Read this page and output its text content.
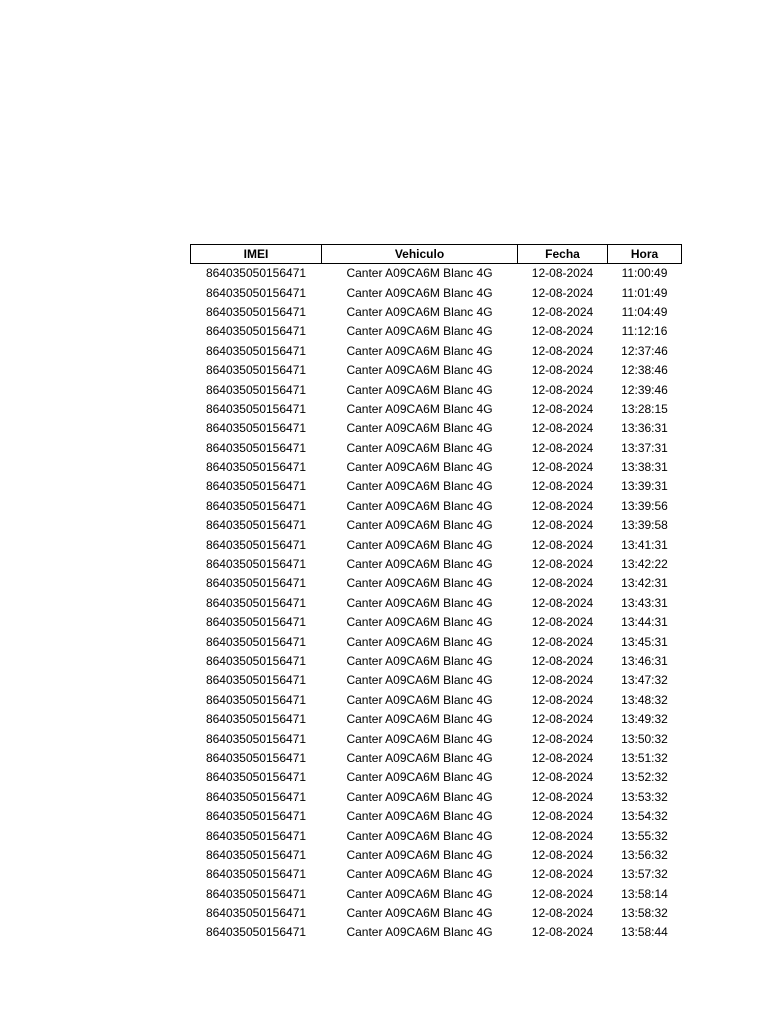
IMEI	Vehiculo	Fecha	Hora
864035050156471	Canter A09CA6M Blanc 4G	12-08-2024	11:00:49
864035050156471	Canter A09CA6M Blanc 4G	12-08-2024	11:01:49
864035050156471	Canter A09CA6M Blanc 4G	12-08-2024	11:04:49
864035050156471	Canter A09CA6M Blanc 4G	12-08-2024	11:12:16
864035050156471	Canter A09CA6M Blanc 4G	12-08-2024	12:37:46
864035050156471	Canter A09CA6M Blanc 4G	12-08-2024	12:38:46
864035050156471	Canter A09CA6M Blanc 4G	12-08-2024	12:39:46
864035050156471	Canter A09CA6M Blanc 4G	12-08-2024	13:28:15
864035050156471	Canter A09CA6M Blanc 4G	12-08-2024	13:36:31
864035050156471	Canter A09CA6M Blanc 4G	12-08-2024	13:37:31
864035050156471	Canter A09CA6M Blanc 4G	12-08-2024	13:38:31
864035050156471	Canter A09CA6M Blanc 4G	12-08-2024	13:39:31
864035050156471	Canter A09CA6M Blanc 4G	12-08-2024	13:39:56
864035050156471	Canter A09CA6M Blanc 4G	12-08-2024	13:39:58
864035050156471	Canter A09CA6M Blanc 4G	12-08-2024	13:41:31
864035050156471	Canter A09CA6M Blanc 4G	12-08-2024	13:42:22
864035050156471	Canter A09CA6M Blanc 4G	12-08-2024	13:42:31
864035050156471	Canter A09CA6M Blanc 4G	12-08-2024	13:43:31
864035050156471	Canter A09CA6M Blanc 4G	12-08-2024	13:44:31
864035050156471	Canter A09CA6M Blanc 4G	12-08-2024	13:45:31
864035050156471	Canter A09CA6M Blanc 4G	12-08-2024	13:46:31
864035050156471	Canter A09CA6M Blanc 4G	12-08-2024	13:47:32
864035050156471	Canter A09CA6M Blanc 4G	12-08-2024	13:48:32
864035050156471	Canter A09CA6M Blanc 4G	12-08-2024	13:49:32
864035050156471	Canter A09CA6M Blanc 4G	12-08-2024	13:50:32
864035050156471	Canter A09CA6M Blanc 4G	12-08-2024	13:51:32
864035050156471	Canter A09CA6M Blanc 4G	12-08-2024	13:52:32
864035050156471	Canter A09CA6M Blanc 4G	12-08-2024	13:53:32
864035050156471	Canter A09CA6M Blanc 4G	12-08-2024	13:54:32
864035050156471	Canter A09CA6M Blanc 4G	12-08-2024	13:55:32
864035050156471	Canter A09CA6M Blanc 4G	12-08-2024	13:56:32
864035050156471	Canter A09CA6M Blanc 4G	12-08-2024	13:57:32
864035050156471	Canter A09CA6M Blanc 4G	12-08-2024	13:58:14
864035050156471	Canter A09CA6M Blanc 4G	12-08-2024	13:58:32
864035050156471	Canter A09CA6M Blanc 4G	12-08-2024	13:58:44
